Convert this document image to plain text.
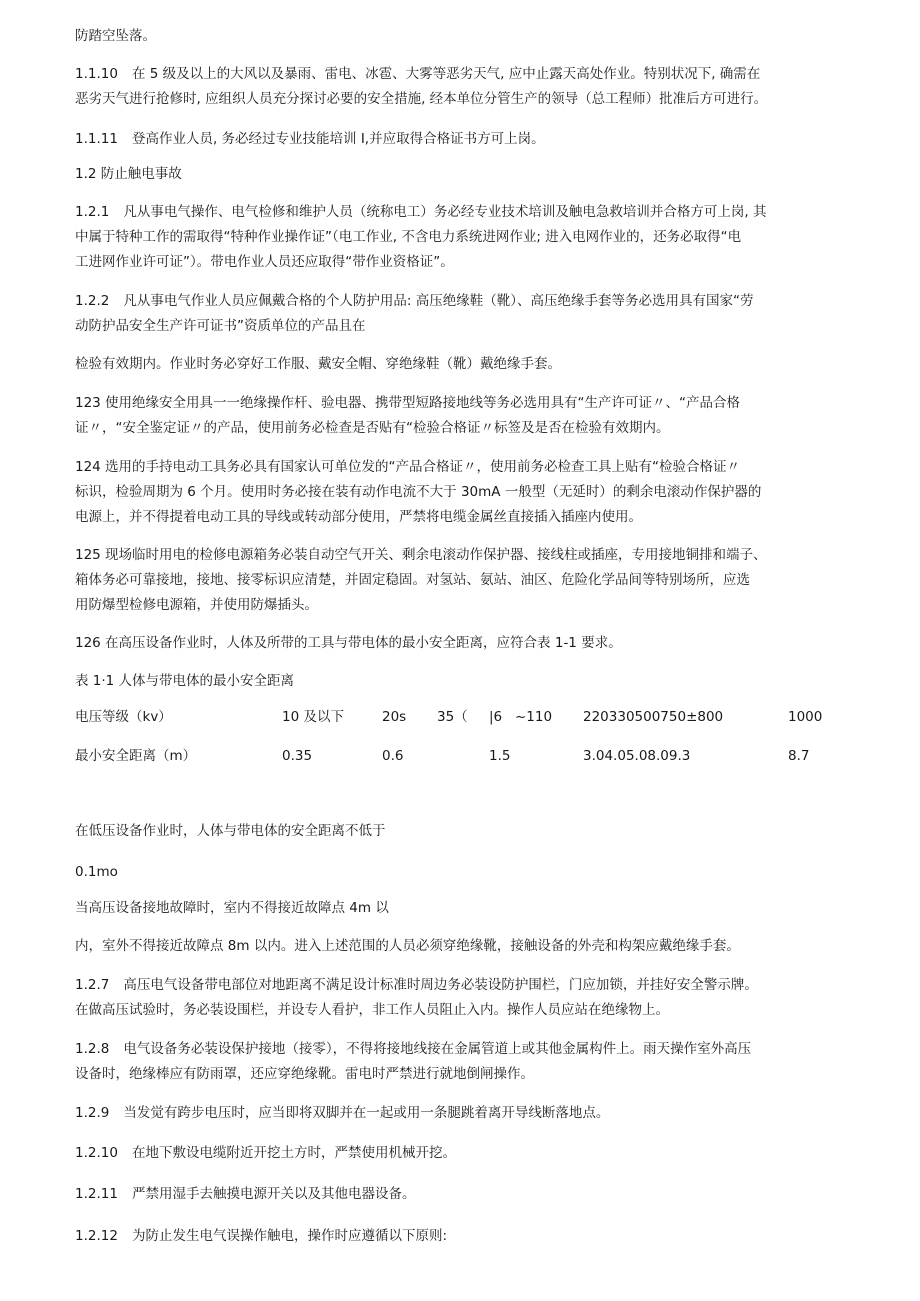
防踏空坠落。

1.1.10 在 5 级及以上的大风以及暴雨、雷电、冰雹、大雾等恶劣天气, 应中止露天高处作业。特别状况下, 确需在

恶劣天气进行抢修时, 应组织人员充分探讨必要的安全措施, 经本单位分管生产的领导（总工程师）批准后方可进行。

1.1.11 登高作业人员, 务必经过专业技能培训 I,并应取得合格证书方可上岗。

1.2 防止触电事故

1.2.1 凡从事电气操作、电气检修和维护人员（统称电工）务必经专业技术培训及触电急救培训并合格方可上岗, 其

中属于特种工作的需取得“特种作业操作证”（电工作业, 不含电力系统进网作业; 进入电网作业的，还务必取得“电

工进网作业许可证”）。带电作业人员还应取得“带作业资格证”。

1.2.2 凡从事电气作业人员应佩戴合格的个人防护用品: 高压绝缘鞋（靴）、高压绝缘手套等务必选用具有国家“劳

动防护品安全生产许可证书”资质单位的产品且在

检验有效期内。作业时务必穿好工作服、戴安全帽、穿绝缘鞋（靴）戴绝缘手套。

123 使用绝缘安全用具一一绝缘操作杆、验电器、携带型短路接地线等务必选用具有“生产许可证〃、“产品合格

证〃，“安全鉴定证〃的产品，使用前务必检查是否贴有“检验合格证〃标签及是否在检验有效期内。

124 选用的手持电动工具务必具有国家认可单位发的“产品合格证〃，使用前务必检查工具上贴有“检验合格证〃

标识，检验周期为 6 个月。使用时务必接在装有动作电流不大于 30mA 一般型（无延时）的剩余电滚动作保护器的

电源上，并不得提着电动工具的导线或转动部分使用，严禁将电缆金属丝直接插入插座内使用。

125 现场临时用电的检修电源箱务必装自动空气开关、剩余电滚动作保护器、接线柱或插座，专用接地铜排和端子、

箱体务必可靠接地，接地、接零标识应清楚，并固定稳固。对氢站、氨站、油区、危险化学品间等特别场所，应选

用防爆型检修电源箱，并使用防爆插头。

126 在高压设备作业时，人体及所带的工具与带电体的最小安全距离，应符合表 1-1 要求。

表 1·1 人体与带电体的最小安全距离

电压等级（kv）	10 及以下	20s 35（ |6 ~110 220330500750±800	1000
最小安全距离（m）	0.35	0.6	1.5	3.04.05.08.09.3	8.7

在低压设备作业时，人体与带电体的安全距离不低于

0.1mo

当高压设备接地故障时，室内不得接近故障点 4m 以

内，室外不得接近故障点 8m 以内。进入上述范围的人员必须穿绝缘靴，接触设备的外壳和构架应戴绝缘手套。

1.2.7 高压电气设备带电部位对地距离不满足设计标准时周边务必装设防护围栏，门应加锁，并挂好安全警示牌。

在做高压试验时，务必装设围栏，并设专人看护，非工作人员阻止入内。操作人员应站在绝缘物上。

1.2.8 电气设备务必装设保护接地（接零），不得将接地线接在金属管道上或其他金属构件上。雨天操作室外高压

设备时，绝缘棒应有防雨罩，还应穿绝缘靴。雷电时严禁进行就地倒闸操作。

1.2.9 当发觉有跨步电压时，应当即将双脚并在一起或用一条腿跳着离开导线断落地点。

1.2.10 在地下敷设电缆附近开挖土方时，严禁使用机械开挖。

1.2.11 严禁用湿手去触摸电源开关以及其他电器设备。

1.2.12 为防止发生电气误操作触电，操作时应遵循以下原则:
